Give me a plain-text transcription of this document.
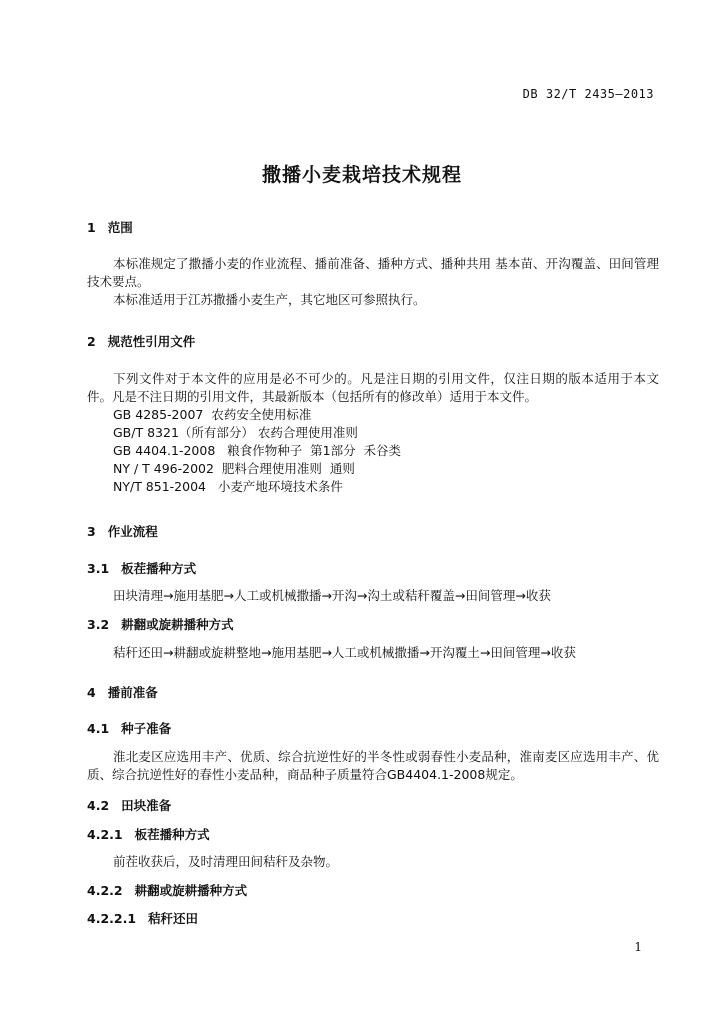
DB 32/T 2435—2013
撒播小麦栽培技术规程
1 范围
本标准规定了撒播小麦的作业流程、播前准备、播种方式、播种共用 基本苗、开沟覆盖、田间管理技术要点。
本标准适用于江苏撒播小麦生产，其它地区可参照执行。
2 规范性引用文件
下列文件对于本文件的应用是必不可少的。凡是注日期的引用文件，仅注日期的版本适用于本文件。凡是不注日期的引用文件，其最新版本（包括所有的修改单）适用于本文件。
GB 4285-2007  农药安全使用标准
GB/T 8321（所有部分） 农药合理使用准则
GB 4404.1-2008   粮食作物种子  第1部分  禾谷类
NY / T 496-2002  肥料合理使用准则  通则
NY/T 851-2004   小麦产地环境技术条件
3 作业流程
3.1 板茬播种方式
田块清理→施用基肥→人工或机械撒播→开沟→沟土或秸秆覆盖→田间管理→收获
3.2 耕翻或旋耕播种方式
秸秆还田→耕翻或旋耕整地→施用基肥→人工或机械撒播→开沟覆土→田间管理→收获
4 播前准备
4.1 种子准备
淮北麦区应选用丰产、优质、综合抗逆性好的半冬性或弱春性小麦品种，淮南麦区应选用丰产、优质、综合抗逆性好的春性小麦品种，商品种子质量符合GB4404.1-2008规定。
4.2 田块准备
4.2.1 板茬播种方式
前茬收获后，及时清理田间秸秆及杂物。
4.2.2 耕翻或旋耕播种方式
4.2.2.1 秸秆还田
1
